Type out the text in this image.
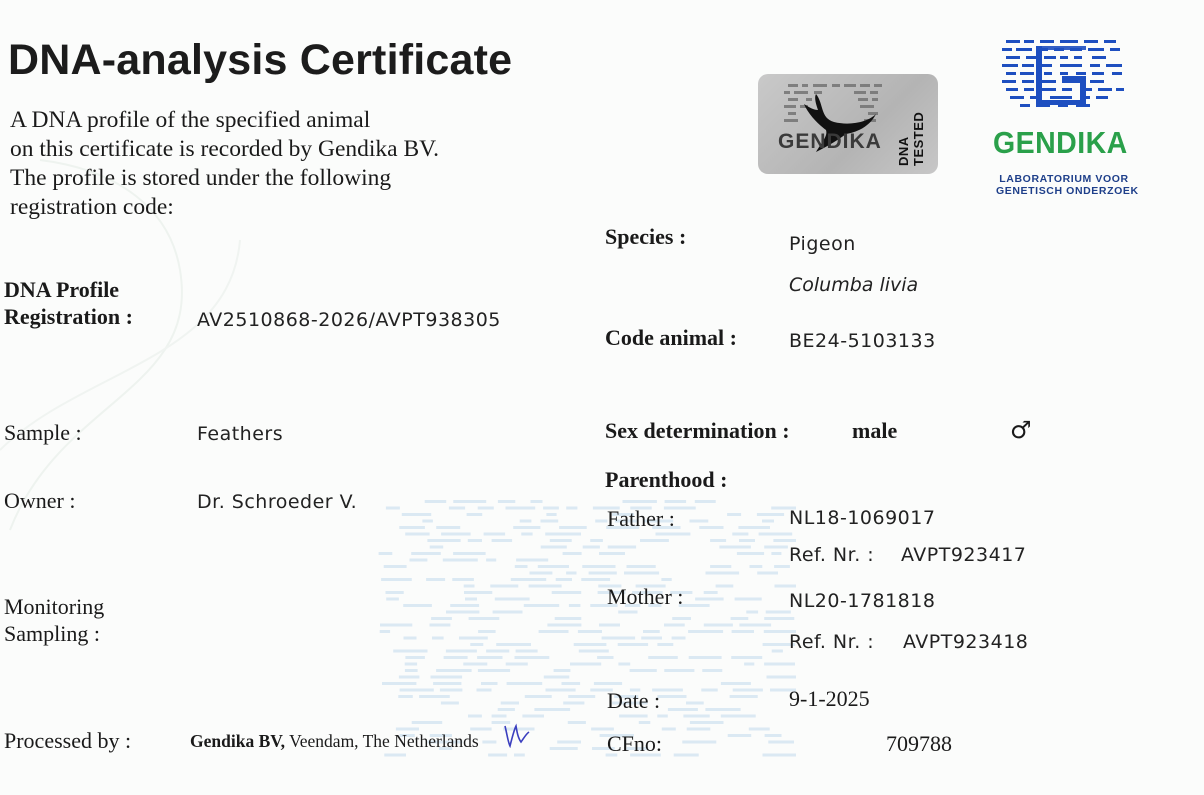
DNA-analysis Certificate
A DNA profile of the specified animal
on this certificate is recorded by Gendika BV.
The profile is stored under the following
registration code:
GENDIKA DNA TESTED GENDIKA
LABORATORIUM VOOR
GENETISCH ONDERZOEK
DNA Profile
Registration :	AV2510868-2026/AVPT938305
Sample :	Feathers
Owner :	Dr. Schroeder V.
Monitoring
Sampling :
Processed by :	Gendika BV, Veendam, The Netherlands
Species :	Pigeon
Columba livia
Code animal :	BE24-5103133
Sex determination :	male	♂
Parenthood :
Father :	NL18-1069017
Ref. Nr. : AVPT923417
Mother :	NL20-1781818
Ref. Nr. : AVPT923418
Date :	9-1-2025
CFno:	709788
